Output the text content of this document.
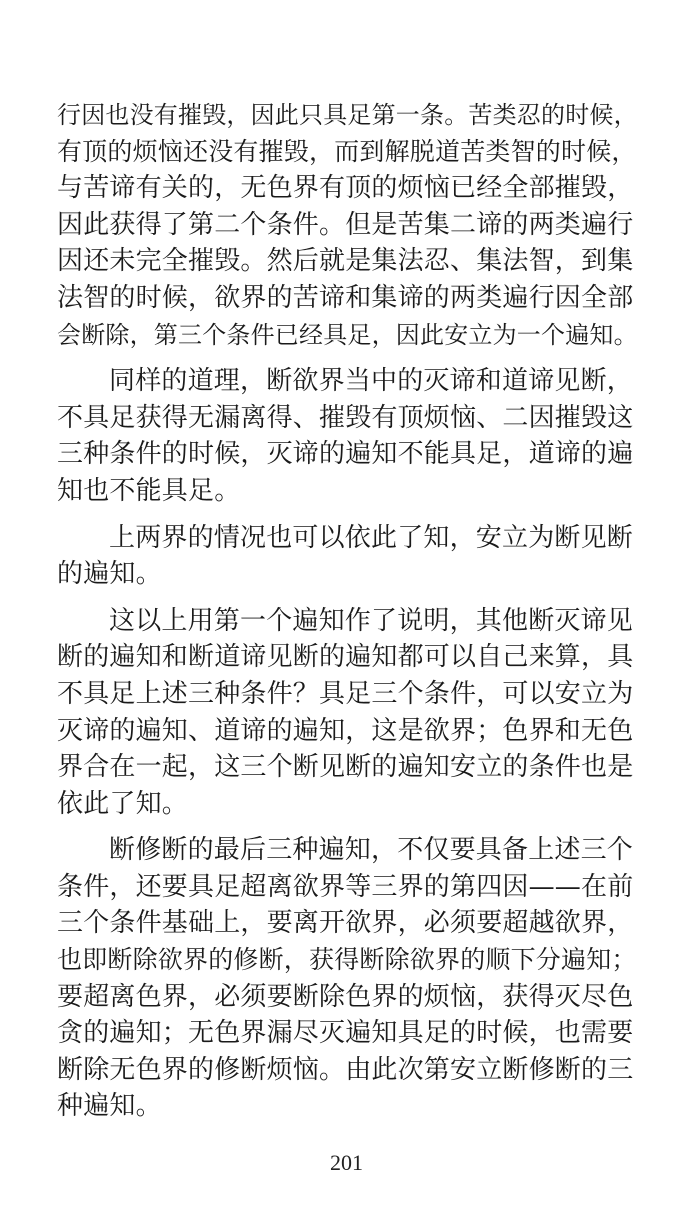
行因也没有摧毁，因此只具足第一条。苦类忍的时候，
有顶的烦恼还没有摧毁，而到解脱道苦类智的时候，
与苦谛有关的，无色界有顶的烦恼已经全部摧毁，
因此获得了第二个条件。但是苦集二谛的两类遍行
因还未完全摧毁。然后就是集法忍、集法智，到集
法智的时候，欲界的苦谛和集谛的两类遍行因全部
会断除，第三个条件已经具足，因此安立为一个遍知。
同样的道理，断欲界当中的灭谛和道谛见断，
不具足获得无漏离得、摧毁有顶烦恼、二因摧毁这
三种条件的时候，灭谛的遍知不能具足，道谛的遍
知也不能具足。
上两界的情况也可以依此了知，安立为断见断
的遍知。
这以上用第一个遍知作了说明，其他断灭谛见
断的遍知和断道谛见断的遍知都可以自己来算，具
不具足上述三种条件？具足三个条件，可以安立为
灭谛的遍知、道谛的遍知，这是欲界；色界和无色
界合在一起，这三个断见断的遍知安立的条件也是
依此了知。
断修断的最后三种遍知，不仅要具备上述三个
条件，还要具足超离欲界等三界的第四因——在前
三个条件基础上，要离开欲界，必须要超越欲界，
也即断除欲界的修断，获得断除欲界的顺下分遍知；
要超离色界，必须要断除色界的烦恼，获得灭尽色
贪的遍知；无色界漏尽灭遍知具足的时候，也需要
断除无色界的修断烦恼。由此次第安立断修断的三
种遍知。
201
